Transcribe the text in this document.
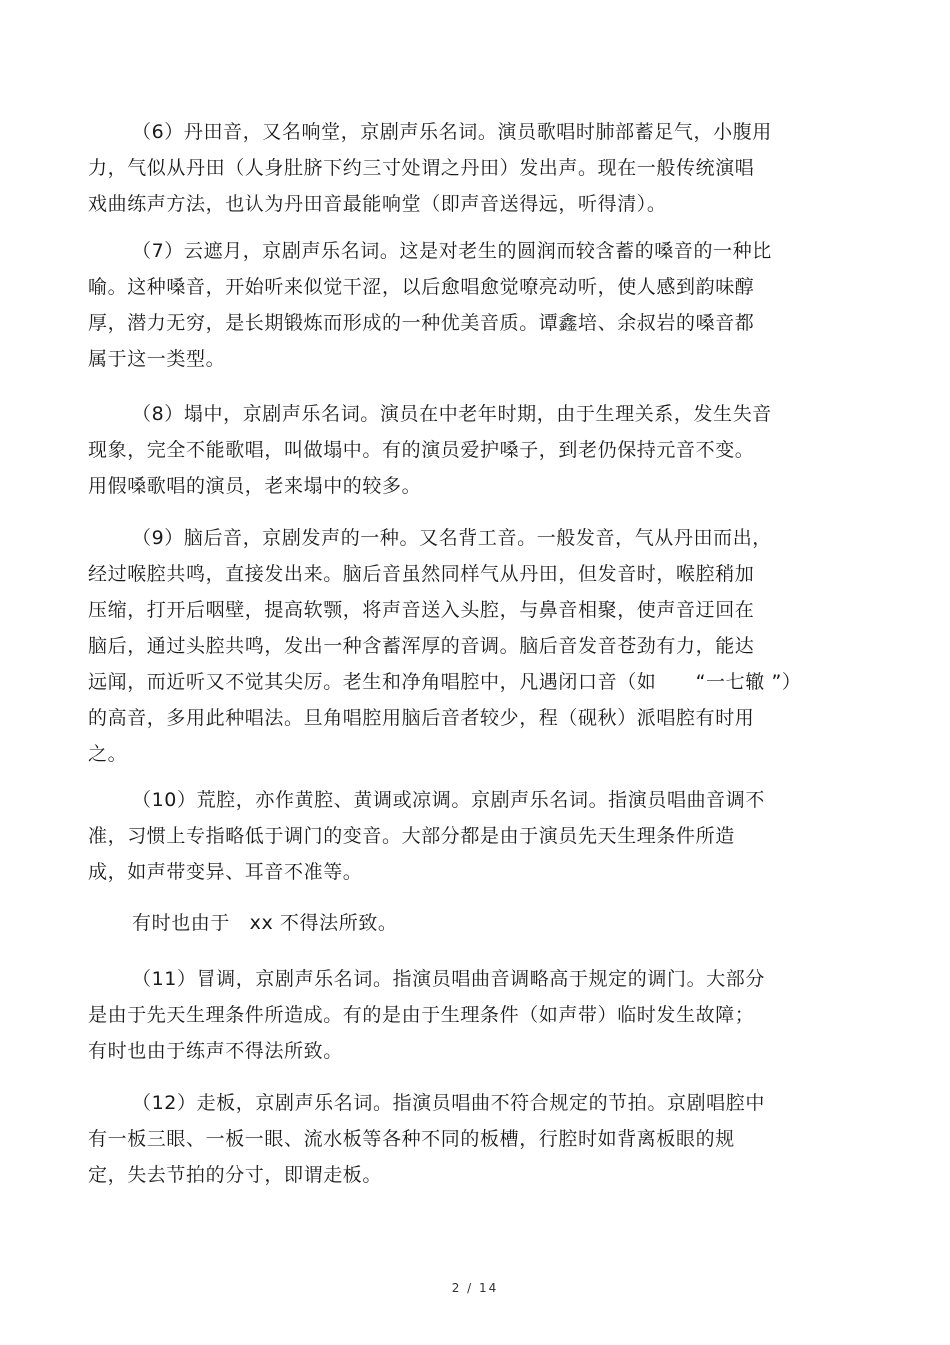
（6）丹田音，又名响堂，京剧声乐名词。演员歌唱时肺部蓄足气，小腹用
力，气似从丹田（人身肚脐下约三寸处谓之丹田）发出声。现在一般传统演唱
戏曲练声方法，也认为丹田音最能响堂（即声音送得远，听得清）。
（7）云遮月，京剧声乐名词。这是对老生的圆润而较含蓄的嗓音的一种比
喻。这种嗓音，开始听来似觉干涩，以后愈唱愈觉嘹亮动听，使人感到韵味醇
厚，潜力无穷，是长期锻炼而形成的一种优美音质。谭鑫培、余叔岩的嗓音都
属于这一类型。
（8）塌中，京剧声乐名词。演员在中老年时期，由于生理关系，发生失音
现象，完全不能歌唱，叫做塌中。有的演员爱护嗓子，到老仍保持元音不变。
用假嗓歌唱的演员，老来塌中的较多。
（9）脑后音，京剧发声的一种。又名背工音。一般发音，气从丹田而出，
经过喉腔共鸣，直接发出来。脑后音虽然同样气从丹田，但发音时，喉腔稍加
压缩，打开后咽壁，提高软颚，将声音送入头腔，与鼻音相聚，使声音迂回在
脑后，通过头腔共鸣，发出一种含蓄浑厚的音调。脑后音发音苍劲有力，能达
远闻，而近听又不觉其尖厉。老生和净角唱腔中，凡遇闭口音（如　　“一七辙 ”）
的高音，多用此种唱法。旦角唱腔用脑后音者较少，程（砚秋）派唱腔有时用
之。
（10）荒腔，亦作黄腔、黄调或凉调。京剧声乐名词。指演员唱曲音调不
准，习惯上专指略低于调门的变音。大部分都是由于演员先天生理条件所造
成，如声带变异、耳音不准等。
有时也由于　xx 不得法所致。
（11）冒调，京剧声乐名词。指演员唱曲音调略高于规定的调门。大部分
是由于先天生理条件所造成。有的是由于生理条件（如声带）临时发生故障；
有时也由于练声不得法所致。
（12）走板，京剧声乐名词。指演员唱曲不符合规定的节拍。京剧唱腔中
有一板三眼、一板一眼、流水板等各种不同的板槽，行腔时如背离板眼的规
定，失去节拍的分寸，即谓走板。
2 / 14
